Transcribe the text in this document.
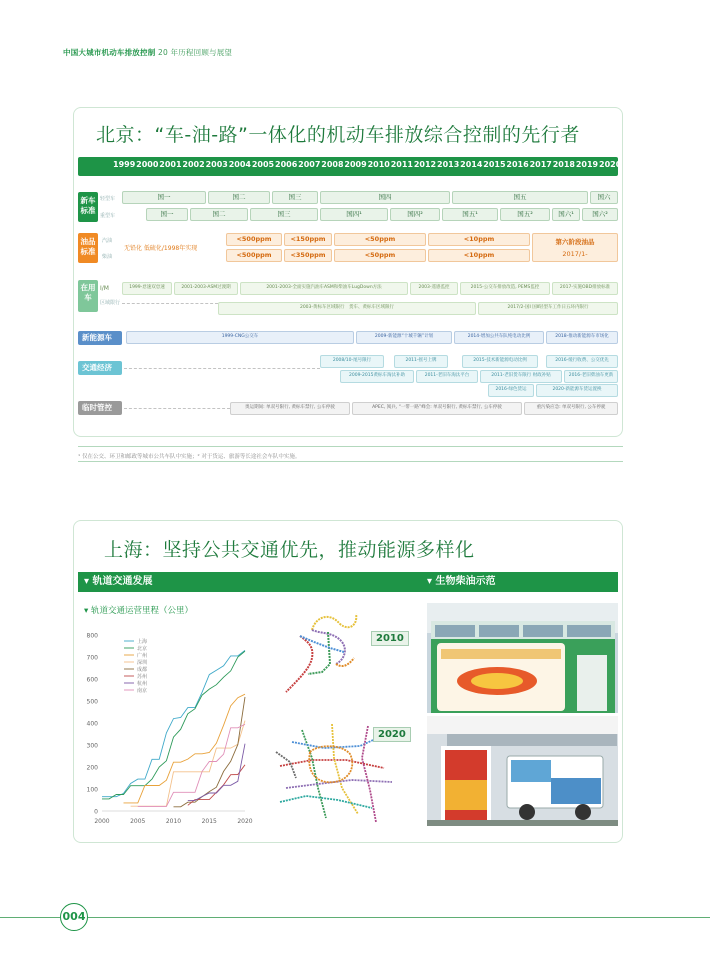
中国大城市机动车排放控制 20 年历程回顾与展望
北京：“车-油-路”一体化的机动车排放综合控制的先行者
1999 2000 2001 2002 2003 2004 2005 2006 2007 2008 2009 2010 2011 2012 2013 2014 2015 2016 2017 2018 2019 2020
新车标准
轻型车
重型车
国一	国二	国三	国四	国五	国六
国一	国二	国三	国四¹	国四²	国五¹	国五²	国六¹	国六²
油品标准
汽油
柴油
无铅化 低硫化/1998年实现
<500ppm	<150ppm	<50ppm	<10ppm
<500ppm	<350ppm	<50ppm	<10ppm
第六阶段油品
2017/1-
在用车
I/M
区域限行
1999-怠速双怠速	2001-2003-ASM过渡期	2001-2003-全面实施汽油车ASM和柴油车LugDown方法	2003-遥感监控	2015-公交车排放改造, PEMS监控	2017-实施OBD排放标准
2003-黄标车区域限行　货车、黄标车区域限行	2017/2-国Ⅰ 国Ⅱ轻型车工作日五环内限行
新能源车	1999-CNG公交车	2009-新能源“十城千辆”计划	2014-增加公共车队纯电动比例	2018-推动新能源车市场化
交通经济
2008/10-尾号限行	2011-摇号上牌	2015-技术新能源电动比例	2016-缓行收费、公交优先
2009-2015黄标车淘汰补助	2011-老旧车淘汰平台	2011-老旧货车限行 财政补贴	2016-老旧柴油车更新
2016-绿色货运	2020-新能源车货运置换
临时管控	奥运期间: 单双号限行, 黄标车禁行, 公车停驶	APEC, 阅兵, “一带一路”峰会: 单双号限行, 黄标车禁行, 公车停驶	重污染应急: 单双号限行, 公车停驶
¹ 仅在公交、环卫和邮政等城市公共车队中实施；² 对于货运、旅游等长途社会车队中实施。
上海：坚持公共交通优先，推动能源多样化
▾ 轨道交通发展	▾ 生物柴油示范
▾ 轨道交通运营里程（公里）
上海
北京
广州
深圳
成都
苏州
杭州
南京
0
100
200
300
400
500
600
700
800
2000	2005	2010	2015	2020
2010
2020
004
